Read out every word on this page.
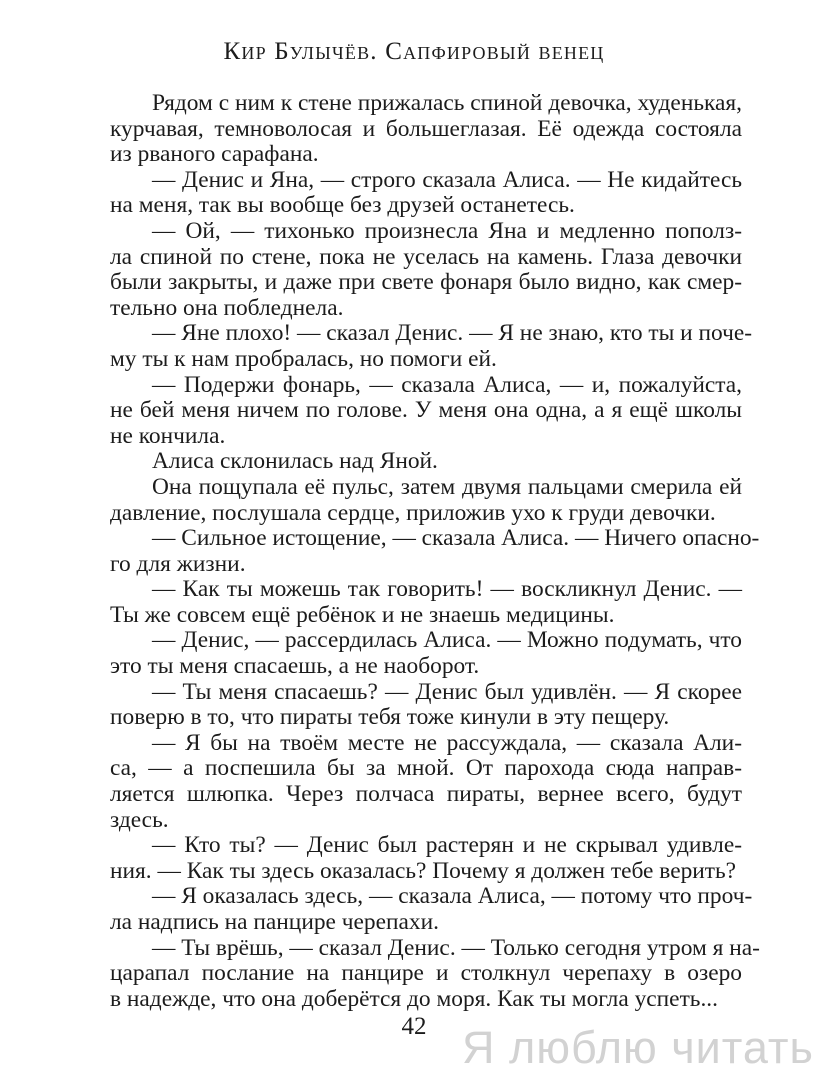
Кир Булычёв. Сапфировый венец
Рядом с ним к стене прижалась спиной девочка, худенькая,
курчавая, темноволосая и большеглазая. Её одежда состояла
из рваного сарафана.
— Денис и Яна, — строго сказала Алиса. — Не кидайтесь
на меня, так вы вообще без друзей останетесь.
— Ой, — тихонько произнесла Яна и медленно пополз-
ла спиной по стене, пока не уселась на камень. Глаза девочки
были закрыты, и даже при свете фонаря было видно, как смер-
тельно она побледнела.
— Яне плохо! — сказал Денис. — Я не знаю, кто ты и поче-
му ты к нам пробралась, но помоги ей.
— Подержи фонарь, — сказала Алиса, — и, пожалуйста,
не бей меня ничем по голове. У меня она одна, а я ещё школы
не кончила.
Алиса склонилась над Яной.
Она пощупала её пульс, затем двумя пальцами смерила ей
давление, послушала сердце, приложив ухо к груди девочки.
— Сильное истощение, — сказала Алиса. — Ничего опасно-
го для жизни.
— Как ты можешь так говорить! — воскликнул Денис. —
Ты же совсем ещё ребёнок и не знаешь медицины.
— Денис, — рассердилась Алиса. — Можно подумать, что
это ты меня спасаешь, а не наоборот.
— Ты меня спасаешь? — Денис был удивлён. — Я скорее
поверю в то, что пираты тебя тоже кинули в эту пещеру.
— Я бы на твоём месте не рассуждала, — сказала Али-
са, — а поспешила бы за мной. От парохода сюда направ-
ляется шлюпка. Через полчаса пираты, вернее всего, будут
здесь.
— Кто ты? — Денис был растерян и не скрывал удивле-
ния. — Как ты здесь оказалась? Почему я должен тебе верить?
— Я оказалась здесь, — сказала Алиса, — потому что проч-
ла надпись на панцире черепахи.
— Ты врёшь, — сказал Денис. — Только сегодня утром я на-
царапал послание на панцире и столкнул черепаху в озеро
в надежде, что она доберётся до моря. Как ты могла успеть...
42 Я люблю читать
